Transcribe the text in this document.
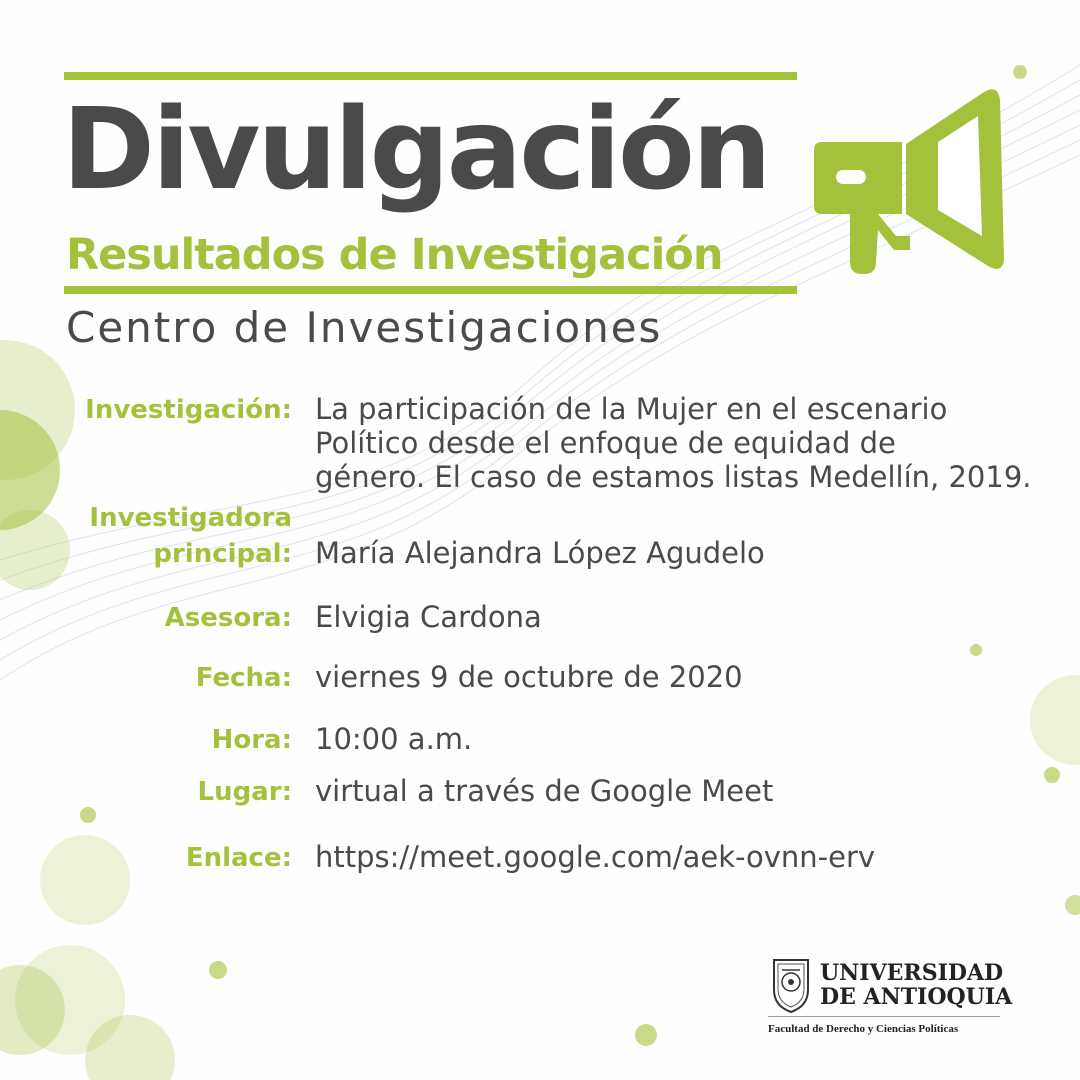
Divulgación
Resultados de Investigación
Centro de Investigaciones
Investigación: La participación de la Mujer en el escenario
Político desde el enfoque de equidad de
género. El caso de estamos listas Medellín, 2019.
Investigadora
principal: María Alejandra López Agudelo
Asesora: Elvigia Cardona
Fecha: viernes 9 de octubre de 2020
Hora: 10:00 a.m.
Lugar: virtual a través de Google Meet
Enlace: https://meet.google.com/aek-ovnn-erv
UNIVERSIDAD
DE ANTIOQUIA
Facultad de Derecho y Ciencias Políticas
